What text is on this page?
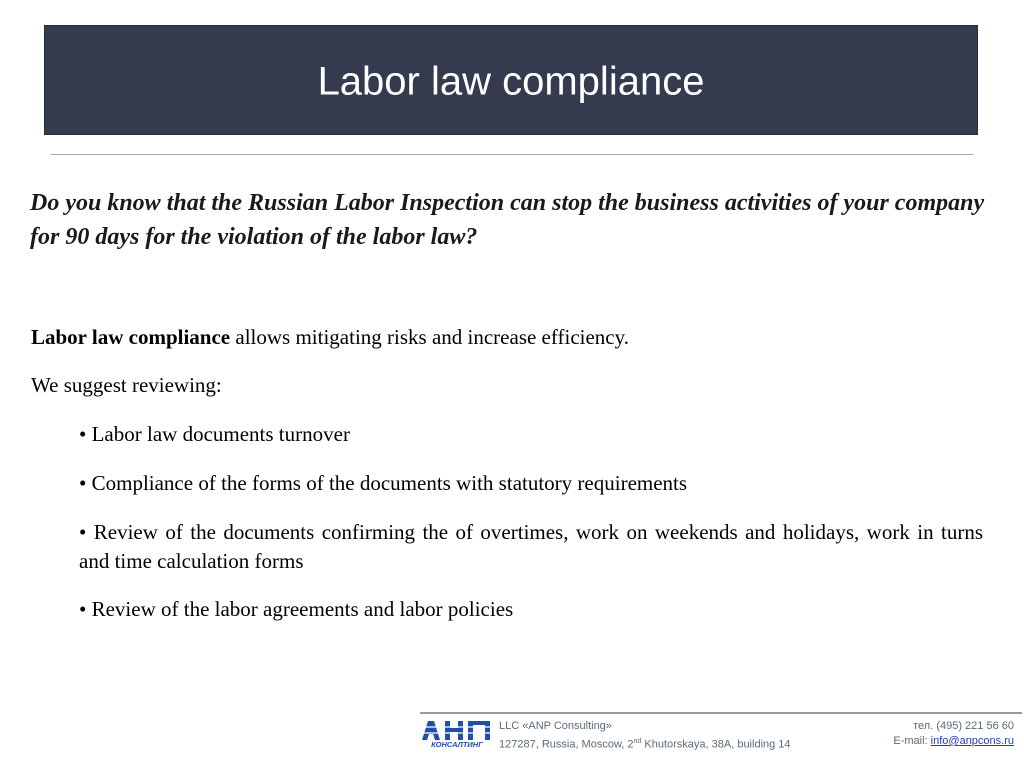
Labor law compliance
Do you know that the Russian Labor Inspection can stop the business activities of your company for 90 days for the violation of the labor law?
Labor law compliance allows mitigating risks and increase efficiency.
We suggest reviewing:
• Labor law documents turnover
• Compliance of the forms of the documents with statutory requirements
• Review of the documents confirming the of overtimes, work on weekends and holidays, work in turns and time calculation forms
• Review of the labor agreements and labor policies
КОНСАЛТИНГ
LLC «ANP Consulting»
127287, Russia, Moscow, 2nd Khutorskaya, 38A, building 14
тел. (495) 221 56 60
E-mail: info@anpcons.ru
